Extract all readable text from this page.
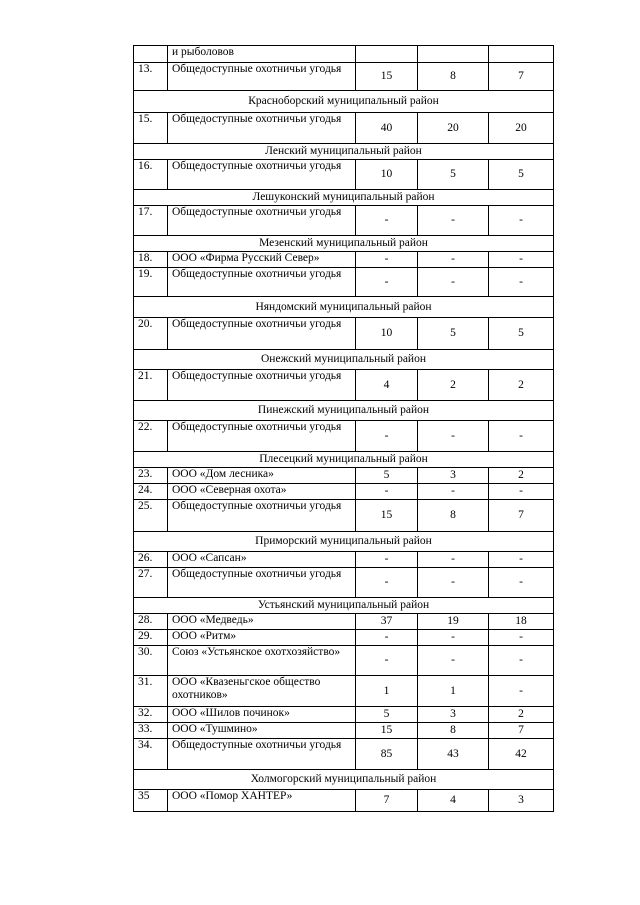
	и рыболовов			
13.	Общедоступные охотничьи угодья	15	8	7
Красноборский муниципальный район				
15.	Общедоступные охотничьи угодья	40	20	20
Ленский муниципальный район				
16.	Общедоступные охотничьи угодья	10	5	5
Лешуконский муниципальный район				
17.	Общедоступные охотничьи угодья	-	-	-
Мезенский муниципальный район				
18.	ООО «Фирма Русский Север»	-	-	-
19.	Общедоступные охотничьи угодья	-	-	-
Няндомский муниципальный район				
20.	Общедоступные охотничьи угодья	10	5	5
Онежский муниципальный район				
21.	Общедоступные охотничьи угодья	4	2	2
Пинежский муниципальный район				
22.	Общедоступные охотничьи угодья	-	-	-
Плесецкий муниципальный район				
23.	ООО «Дом лесника»	5	3	2
24.	ООО «Северная охота»	-	-	-
25.	Общедоступные охотничьи угодья	15	8	7
Приморский муниципальный район				
26.	ООО «Сапсан»	-	-	-
27.	Общедоступные охотничьи угодья	-	-	-
Устьянский муниципальный район				
28.	ООО «Медведь»	37	19	18
29.	ООО «Ритм»	-	-	-
30.	Союз «Устьянское охотхозяйство»	-	-	-
31.	ООО «Квазеньгское общество охотников»	1	1	-
32.	ООО «Шилов починок»	5	3	2
33.	ООО «Тушмино»	15	8	7
34.	Общедоступные охотничьи угодья	85	43	42
Холмогорский муниципальный район				
35	ООО «Помор ХАНТЕР»	7	4	3
